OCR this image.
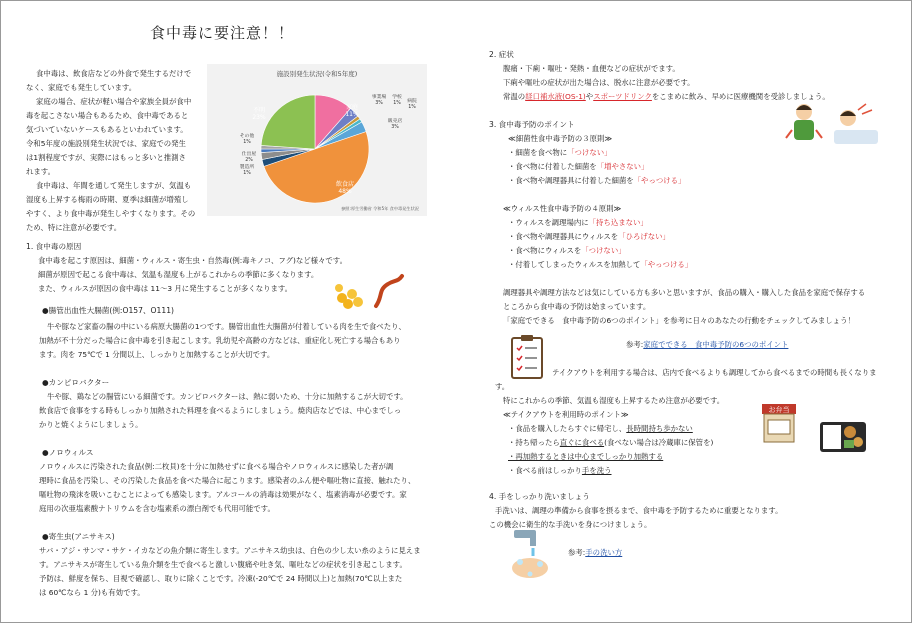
食中毒に要注意！！
食中毒は、飲食店などの外食で発生するだけで
なく、家庭でも発生しています。
家庭の場合、症状が軽い場合や家族全員が食中
毒を起こさない場合もあるため、食中毒であると
気づいていないケースもあるといわれています。
令和5年度の施設別発生状況では、家庭での発生
は1割程度ですが、実際にはもっと多いと推測さ
れます。
食中毒は、年間を通して発生しますが、気温も
湿度も上昇する梅雨の時期、夏季は細菌が増殖し
やすく、より食中毒が発生しやすくなります。その
ため、特に注意が必要です。
施設別発生状況(令和5年度)
参照:厚生労働省 令和5年 食中毒発生状況
家庭 11%
事業場 3%
学校 1% 病院 1%
販売店 3%
飲食店 48%
製造所 1%
仕出屋 2%
その他 1%
不明 23%
1. 食中毒の原因
食中毒を起こす原因は、細菌・ウィルス・寄生虫・自然毒(例:毒キノコ、フグ)など様々です。
細菌が原因で起こる食中毒は、気温も湿度も上がるこれからの季節に多くなります。
また、ウィルスが原因の食中毒は 11～3 月に発生することが多くなります。
●腸管出血性大腸菌(例:O157、O111)
牛や豚など家畜の腸の中にいる病原大腸菌の1つです。腸管出血性大腸菌が付着している肉を生で食べたり、
加熱が不十分だった場合に食中毒を引き起こします。乳幼児や高齢の方などは、重症化し死亡する場合もあり
ます。肉を 75℃で 1 分間以上、しっかりと加熱することが大切です。
●カンピロバクター
牛や豚、鶏などの腸管にいる細菌です。カンピロバクターは、熱に弱いため、十分に加熱するこが大切です。
飲食店で食事をする時もしっかり加熱された料理を食べるようにしましょう。焼肉店などでは、中心までしっ
かりと焼くようにしましょう。
●ノロウィルス
ノロウィルスに汚染された食品(例:二枚貝)を十分に加熱せずに食べる場合やノロウィルスに感染した者が調
理時に食品を汚染し、その汚染した食品を食べた場合に起こります。感染者のふん便や嘔吐物に直接、触れたり、
嘔吐物の飛沫を吸いこむことによっても感染します。アルコールの消毒は効果がなく、塩素消毒が必要です。家
庭用の次亜塩素酸ナトリウムを含む塩素系の漂白剤でも代用可能です。
●寄生虫(アニサキス)
サバ・アジ・サンマ・サケ・イカなどの魚介類に寄生します。アニサキス幼虫は、白色の少し太い糸のように見えま
す。アニサキスが寄生している魚介類を生で食べると激しい腹痛や吐き気、嘔吐などの症状を引き起こします。
予防は、鮮度を保ち、目視で確認し、取りに除くことです。冷凍(-20℃で 24 時間以上)と加熱(70℃以上また
は 60℃なら 1 分)も有効です。
2. 症状
腹痛・下痢・嘔吐・発熱・血便などの症状がでます。
下痢や嘔吐の症状が出た場合は、脱水に注意が必要です。
常温の経口補水液(OS-1)やスポーツドリンクをこまめに飲み、早めに医療機関を受診しましょう。
3. 食中毒予防のポイント
≪細菌性食中毒予防の３原則≫
・細菌を食べ物に「つけない」
・食べ物に付着した細菌を「増やさない」
・食べ物や調理器具に付着した細菌を「やっつける」
≪ウィルス性食中毒予防の４原則≫
・ウィルスを調理場内に「持ち込まない」
・食べ物や調理器具にウィルスを「ひろげない」
・食べ物にウィルスを「つけない」
・付着してしまったウィルスを加熱して「やっつける」
調理器具や調理方法などは気にしている方も多いと思いますが、食品の購入・購入した食品を家庭で保存する
ところから食中毒の予防は始まっています。
「家庭でできる　食中毒予防の6つのポイント」を参考に日々のあなたの行動をチェックしてみましょう！
参考:家庭でできる　食中毒予防の6つのポイント
テイクアウトを利用する場合は、店内で食べるよりも調理してから食べるまでの時間も長くなりま
す。
特にこれからの季節、気温も湿度も上昇するため注意が必要です。
≪テイクアウトを利用時のポイント≫
・食品を購入したらすぐに帰宅し、長時間持ち歩かない
・持ち帰ったら直ぐに食べる(食べない場合は冷蔵庫に保管を)
・再加熱するときは中心までしっかり加熱する
・食べる前はしっかり手を洗う
お弁当
4. 手をしっかり洗いましょう
手洗いは、調理の準備から食事を摂るまで、食中毒を予防するために重要となります。
この機会に衛生的な手洗いを身につけましょう。
参考:手の洗い方
